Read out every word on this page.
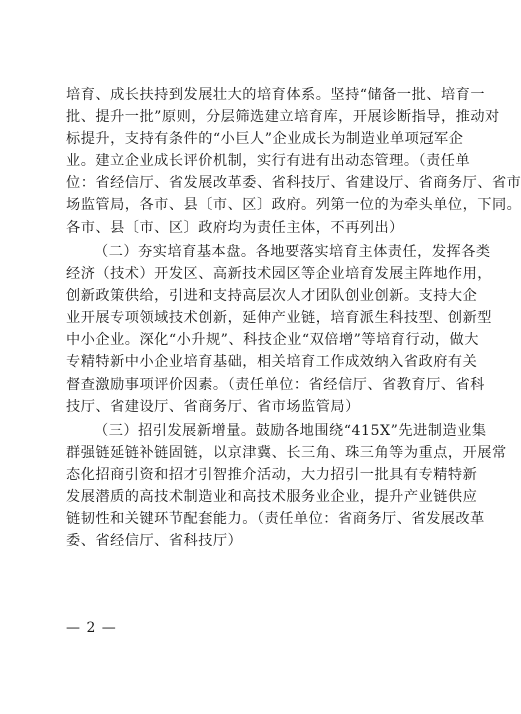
培育、成长扶持到发展壮大的培育体系。坚持“储备一批、培育一
批、提升一批”原则，分层筛选建立培育库，开展诊断指导，推动对
标提升，支持有条件的“小巨人”企业成长为制造业单项冠军企
业。建立企业成长评价机制，实行有进有出动态管理。（责任单
位：省经信厅、省发展改革委、省科技厅、省建设厅、省商务厅、省市
场监管局，各市、县〔市、区〕政府。列第一位的为牵头单位，下同。
各市、县〔市、区〕政府均为责任主体，不再列出）
（二）夯实培育基本盘。各地要落实培育主体责任，发挥各类
经济（技术）开发区、高新技术园区等企业培育发展主阵地作用，
创新政策供给，引进和支持高层次人才团队创业创新。支持大企
业开展专项领域技术创新，延伸产业链，培育派生科技型、创新型
中小企业。深化“小升规”、科技企业“双倍增”等培育行动，做大
专精特新中小企业培育基础，相关培育工作成效纳入省政府有关
督查激励事项评价因素。（责任单位：省经信厅、省教育厅、省科
技厅、省建设厅、省商务厅、省市场监管局）
（三）招引发展新增量。鼓励各地围绕“415X”先进制造业集
群强链延链补链固链，以京津冀、长三角、珠三角等为重点，开展常
态化招商引资和招才引智推介活动，大力招引一批具有专精特新
发展潜质的高技术制造业和高技术服务业企业，提升产业链供应
链韧性和关键环节配套能力。（责任单位：省商务厅、省发展改革
委、省经信厅、省科技厅）
— 2 —
